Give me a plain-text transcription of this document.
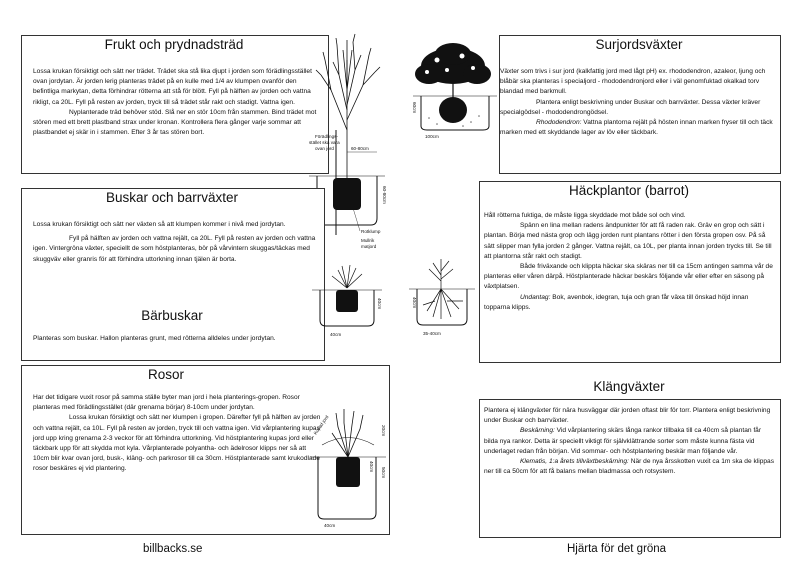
Frukt och prydnadsträd

Lossa krukan försiktigt och sätt ner trädet. Trädet ska stå lika djupt i jorden som förädlingsstället ovan jordytan. Är jorden lerig planteras trädet på en kulle med 1/4 av klumpen ovanför den befintliga markytan, detta förhindrar rötterna att stå för blött. Fyll på hälften av jorden och vattna rikligt, ca 20L. Fyll på resten av jorden, tryck till så trädet står rakt och stadigt. Vattna igen.

Nyplanterade träd behöver stöd. Slå ner en stör 10cm från stammen. Bind trädet mot stören med ett brett plastband strax under kronan. Kontrollera flera gånger varje sommar att plastbandet ej skär in i stammen. Efter 3 år tas stören bort.

Förädlings-
stället ska vara
ovan jord	60-80cm
60-80cm
Rotklump
Mullrik
matjord
Buskar och barrväxter

Lossa krukan försiktigt och sätt ner växten så att klumpen kommer i nivå med jordytan.

Fyll på hälften av jorden och vattna rejält, ca 20L. Fyll på resten av jorden och vattna igen. Vintergröna växter, speciellt de som höstplanteras, bör på vårvintern skuggas/täckas med skuggväv eller granris för att förhindra uttorkning innan tjälen är borta.

40cm
40cm
Bärbuskar

Planteras som buskar. Hallon planteras grunt, med rötterna alldeles under jordytan.

Rosor

Har det tidigare vuxit rosor på samma ställe byter man jord i hela planterings-gropen. Rosor planteras med förädlingsstället (där grenarna börjar) 8-10cm under jordytan.

Lossa krukan försiktigt och sätt ner klumpen i gropen. Därefter fyll på hälften av jorden och vattna rejält, ca 10L. Fyll på resten av jorden, tryck till och vattna igen. Vid vårplantering kupas jord upp kring grenarna 2-3 veckor för att förhindra uttorkning. Vid höstplantering kupas jord eller täckbark upp för att skydda mot kyla. Vårplanterade polyantha- och ädelrosor klipps ner så att 10cm blir kvar ovan jord, busk-, kläng- och parkrosor till ca 30cm. Höstplanterade samt krukodlade rosor beskäres ej vid plantering.

Kupad jord	20cm
40cm
50cm
40cm
billbacks.se
Surjordsväxter

Växter som trivs i sur jord (kalkfattig jord med lågt pH) ex. rhododendron, azaleor, ljung och blåbär ska planteras i specialjord - rhododendronjord eller i väl genomfuktad okalkad torv blandad med barkmull.

Plantera enligt beskrivning under Buskar och barrväxter. Dessa växter kräver specialgödsel - rhododendrongödsel.

Rhododendron: Vattna plantorna rejält på hösten innan marken fryser till och täck marken med ett skyddande lager av löv eller täckbark.

60cm
100cm
Häckplantor (barrot)

Håll rötterna fuktiga, de måste ligga skyddade mot både sol och vind.

Spänn en lina mellan radens ändpunkter för att få raden rak. Gräv en grop och sätt i plantan. Börja med nästa grop och lägg jorden runt plantans rötter i den första gropen osv. På så sätt slipper man fylla jorden 2 gånger. Vattna rejält, ca 10L, per planta innan jorden trycks till. Se till att plantorna står rakt och stadigt.

Både friväxande och klippta häckar ska skäras ner till ca 15cm antingen samma vår de planteras eller våren därpå. Höstplanterade häckar beskärs följande vår eller efter en säsong på växtplatsen.

Undantag: Bok, avenbok, idegran, tuja och gran får växa till önskad höjd innan topparna klipps.

40cm
35-40cm
Klängväxter

Plantera ej klängväxter för nära husväggar där jorden oftast blir för torr. Plantera enligt beskrivning under Buskar och barrväxter.

Beskärning: Vid vårplantering skärs långa rankor tillbaka till ca 40cm så plantan får bilda nya rankor. Detta är speciellt viktigt för självklättrande sorter som måste kunna fästa vid underlaget redan från början. Vid sommar- och höstplantering beskär man följande vår.

Klematis, 1:a årets tillväxtbeskärning: När de nya årsskotten vuxit ca 1m ska de klippas ner till ca 50cm för att få balans mellan bladmassa och rotsystem.

Hjärta för det gröna
